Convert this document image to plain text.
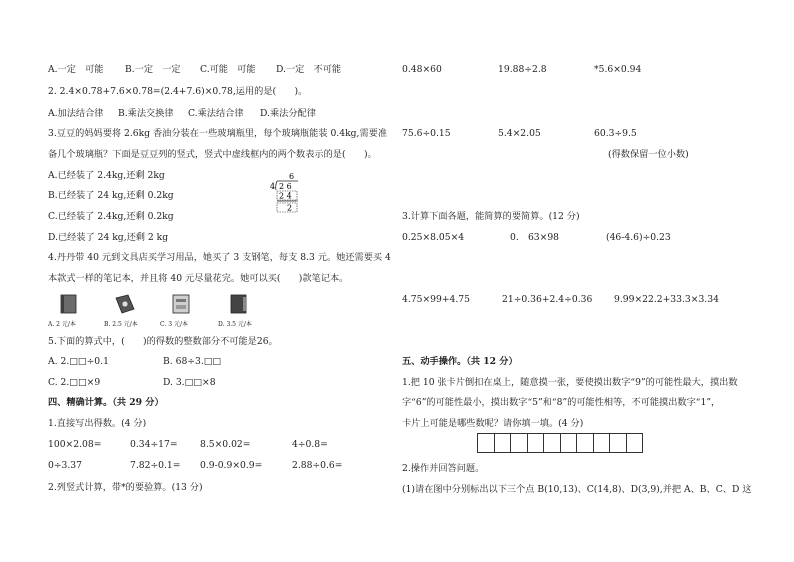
A.一定　可能 B.一定　一定 C.可能　可能 D.一定　不可能
2. 2.4×0.78+7.6×0.78=(2.4+7.6)×0.78,运用的是(　　)。
A.加法结合律 B.乘法交换律 C.乘法结合律 D.乘法分配律
3.豆豆的妈妈要将 2.6kg 香油分装在一些玻璃瓶里，每个玻璃瓶能装 0.4kg,需要准
备几个玻璃瓶？下面是豆豆列的竖式，竖式中虚线框内的两个数表示的是(　　)。
A.已经装了 2.4kg,还剩 2kg
B.已经装了 24 kg,还剩 0.2kg
C.已经装了 2.4kg,还剩 0.2kg
D.已经装了 24 kg,还剩 2 kg
6
4 2 6
2 4
2
4.丹丹带 40 元到文具店买学习用品，她买了 3 支钢笔，每支 8.3 元。她还需要买 4
本款式一样的笔记本，并且将 40 元尽量花完。她可以买(　　)款笔记本。
A. 2 元/本	B. 2.5 元/本	C. 3 元/本	D. 3.5 元/本
5.下面的算式中，(　　)的得数的整数部分不可能是26。
A. 2.□□÷0.1	B. 68÷3.□□
C. 2.□□×9	D. 3.□□×8
四、精确计算。（共 29 分）
1.直接写出得数。(4 分)
100×2.08=	0.34÷17= 8.5×0.02=	4÷0.8=
0÷3.37	7.82÷0.1= 0.9-0.9×0.9=	2.88÷0.6=
2.列竖式计算，带*的要验算。(13 分)
0.48×60	19.88÷2.8	*5.6×0.94
75.6÷0.15	5.4×2.05	60.3÷9.5
(得数保留一位小数)
3.计算下面各题，能简算的要简算。(12 分)
0.25×8.05×4	0.　63×98	(46-4.6)÷0.23
4.75×99+4.75	21÷0.36+2.4÷0.36 9.99×22.2+33.3×3.34
五、动手操作。（共 12 分）
1.把 10 张卡片倒扣在桌上，随意摸一张，要使摸出数字“9”的可能性最大，摸出数
字“6”的可能性最小，摸出数字“5”和“8”的可能性相等，不可能摸出数字“1”，
卡片上可能是哪些数呢？请你填一填。(4 分)
2.操作并回答问题。
(1)请在图中分别标出以下三个点 B(10,13)、C(14,8)、D(3,9),并把 A、B、C、D 这
